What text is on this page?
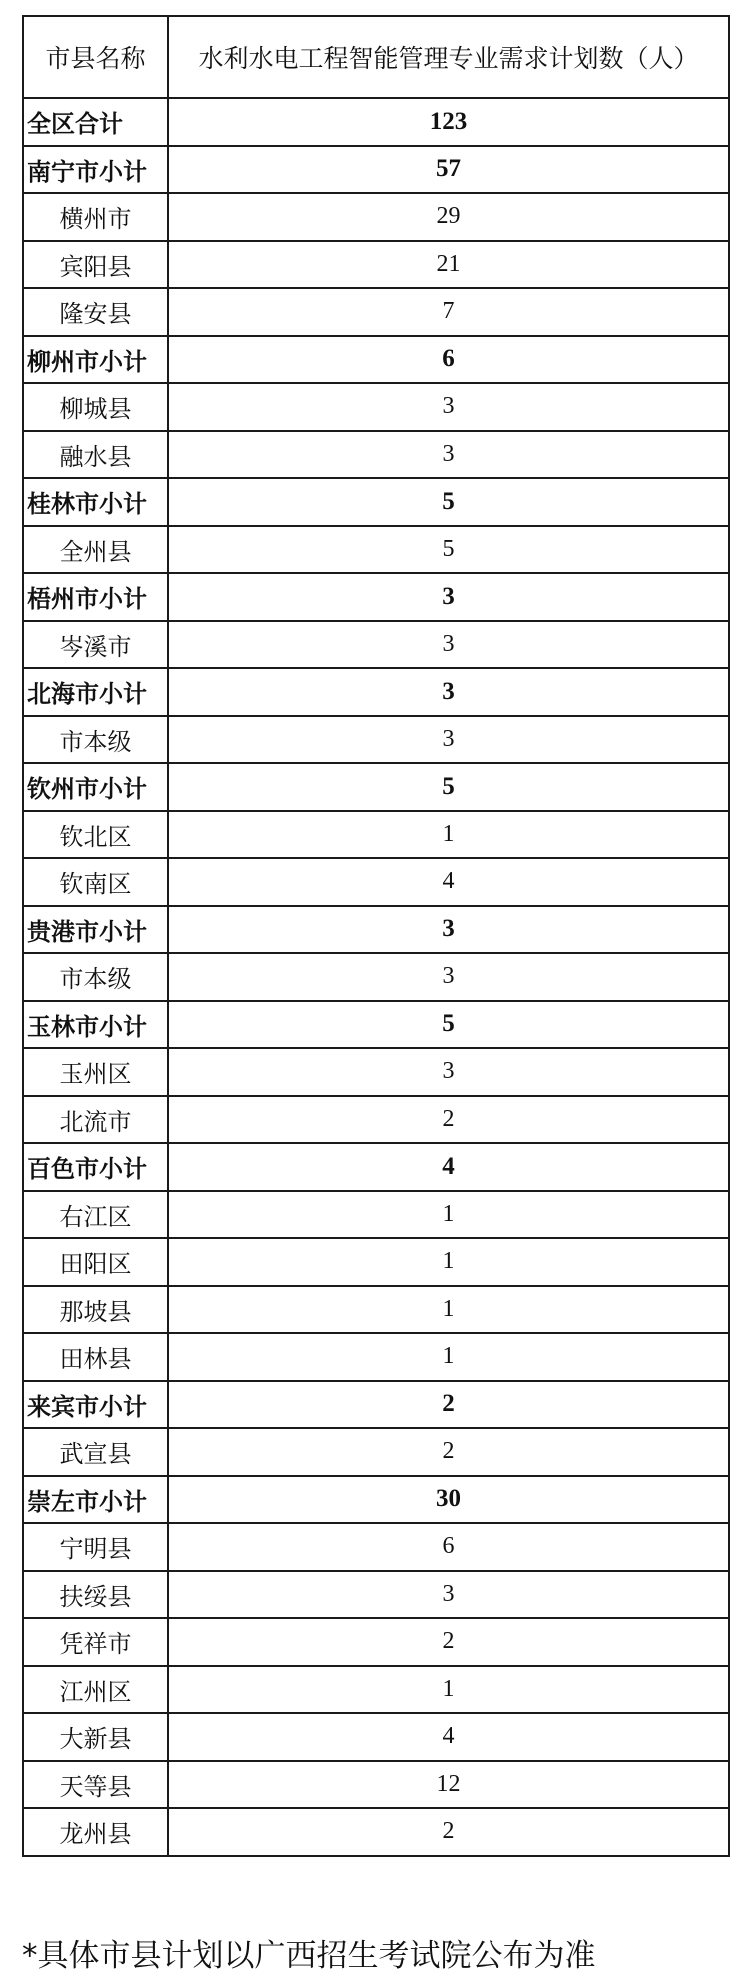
市县名称	水利水电工程智能管理专业需求计划数（人）
全区合计	123
南宁市小计	57
横州市	29
宾阳县	21
隆安县	7
柳州市小计	6
柳城县	3
融水县	3
桂林市小计	5
全州县	5
梧州市小计	3
岑溪市	3
北海市小计	3
市本级	3
钦州市小计	5
钦北区	1
钦南区	4
贵港市小计	3
市本级	3
玉林市小计	5
玉州区	3
北流市	2
百色市小计	4
右江区	1
田阳区	1
那坡县	1
田林县	1
来宾市小计	2
武宣县	2
崇左市小计	30
宁明县	6
扶绥县	3
凭祥市	2
江州区	1
大新县	4
天等县	12
龙州县	2
*具体市县计划以广西招生考试院公布为准
